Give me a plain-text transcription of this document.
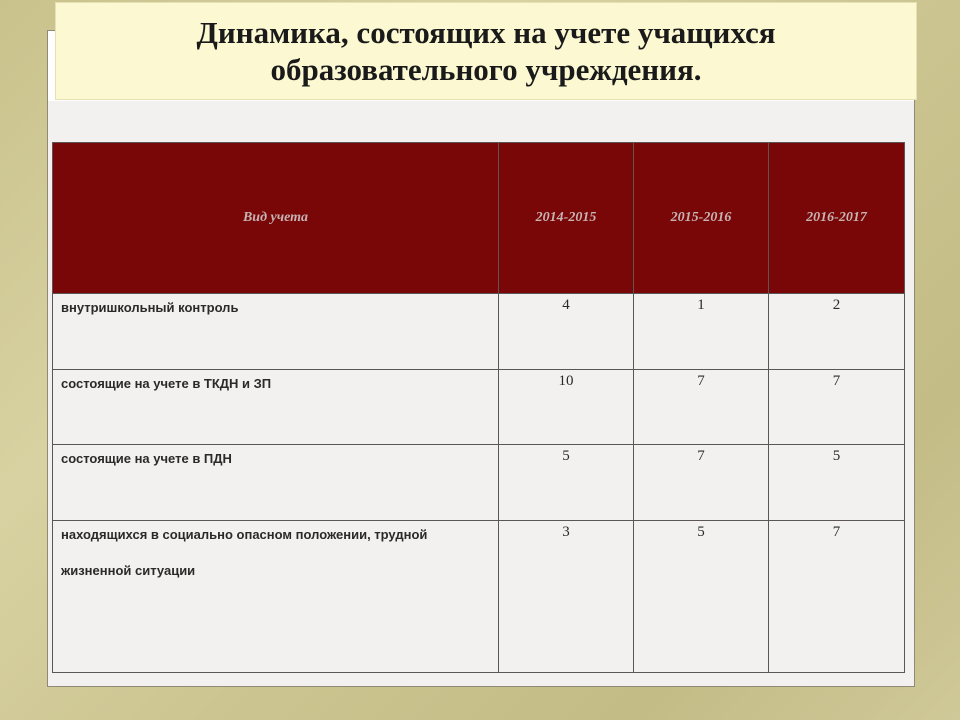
Динамика, состоящих на учете учащихся образовательного учреждения.
Вид учета	2014-2015	2015-2016	2016-2017

внутришкольный контроль	4	1	2

состоящие на учете в ТКДН и ЗП	10	7	7

состоящие на учете в ПДН	5	7	5

находящихся в социально опасном положении, трудной жизненной ситуации	3	5	7
